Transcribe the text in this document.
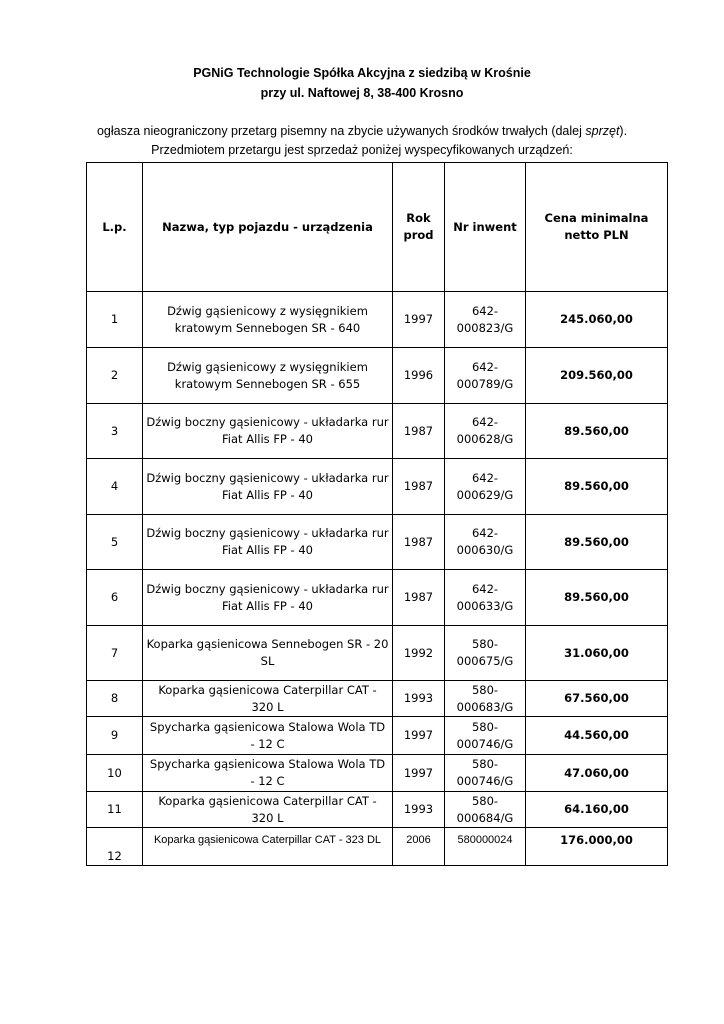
PGNiG Technologie Spółka Akcyjna z siedzibą w Krośnie
przy ul. Naftowej 8, 38-400 Krosno
ogłasza nieograniczony przetarg pisemny na zbycie używanych środków trwałych (dalej sprzęt).
Przedmiotem przetargu jest sprzedaż poniżej wyspecyfikowanych urządzeń:
L.p.	Nazwa, typ pojazdu - urządzenia	Rok prod	Nr inwent	Cena minimalna netto PLN
1	Dźwig gąsienicowy z wysięgnikiem kratowym Sennebogen SR - 640	1997	642-000823/G	245.060,00
2	Dźwig gąsienicowy z wysięgnikiem kratowym Sennebogen SR - 655	1996	642-000789/G	209.560,00
3	Dźwig boczny gąsienicowy - układarka rur Fiat Allis FP - 40	1987	642-000628/G	89.560,00
4	Dźwig boczny gąsienicowy - układarka rur Fiat Allis FP - 40	1987	642-000629/G	89.560,00
5	Dźwig boczny gąsienicowy - układarka rur Fiat Allis FP - 40	1987	642-000630/G	89.560,00
6	Dźwig boczny gąsienicowy - układarka rur Fiat Allis FP - 40	1987	642-000633/G	89.560,00
7	Koparka gąsienicowa Sennebogen SR - 20 SL	1992	580-000675/G	31.060,00
8	Koparka gąsienicowa Caterpillar CAT - 320 L	1993	580-000683/G	67.560,00
9	Spycharka gąsienicowa Stalowa Wola TD - 12 C	1997	580-000746/G	44.560,00
10	Spycharka gąsienicowa Stalowa Wola TD - 12 C	1997	580-000746/G	47.060,00
11	Koparka gąsienicowa Caterpillar CAT - 320 L	1993	580-000684/G	64.160,00
12	Koparka gąsienicowa Caterpillar CAT - 323 DL	2006	580000024	176.000,00
